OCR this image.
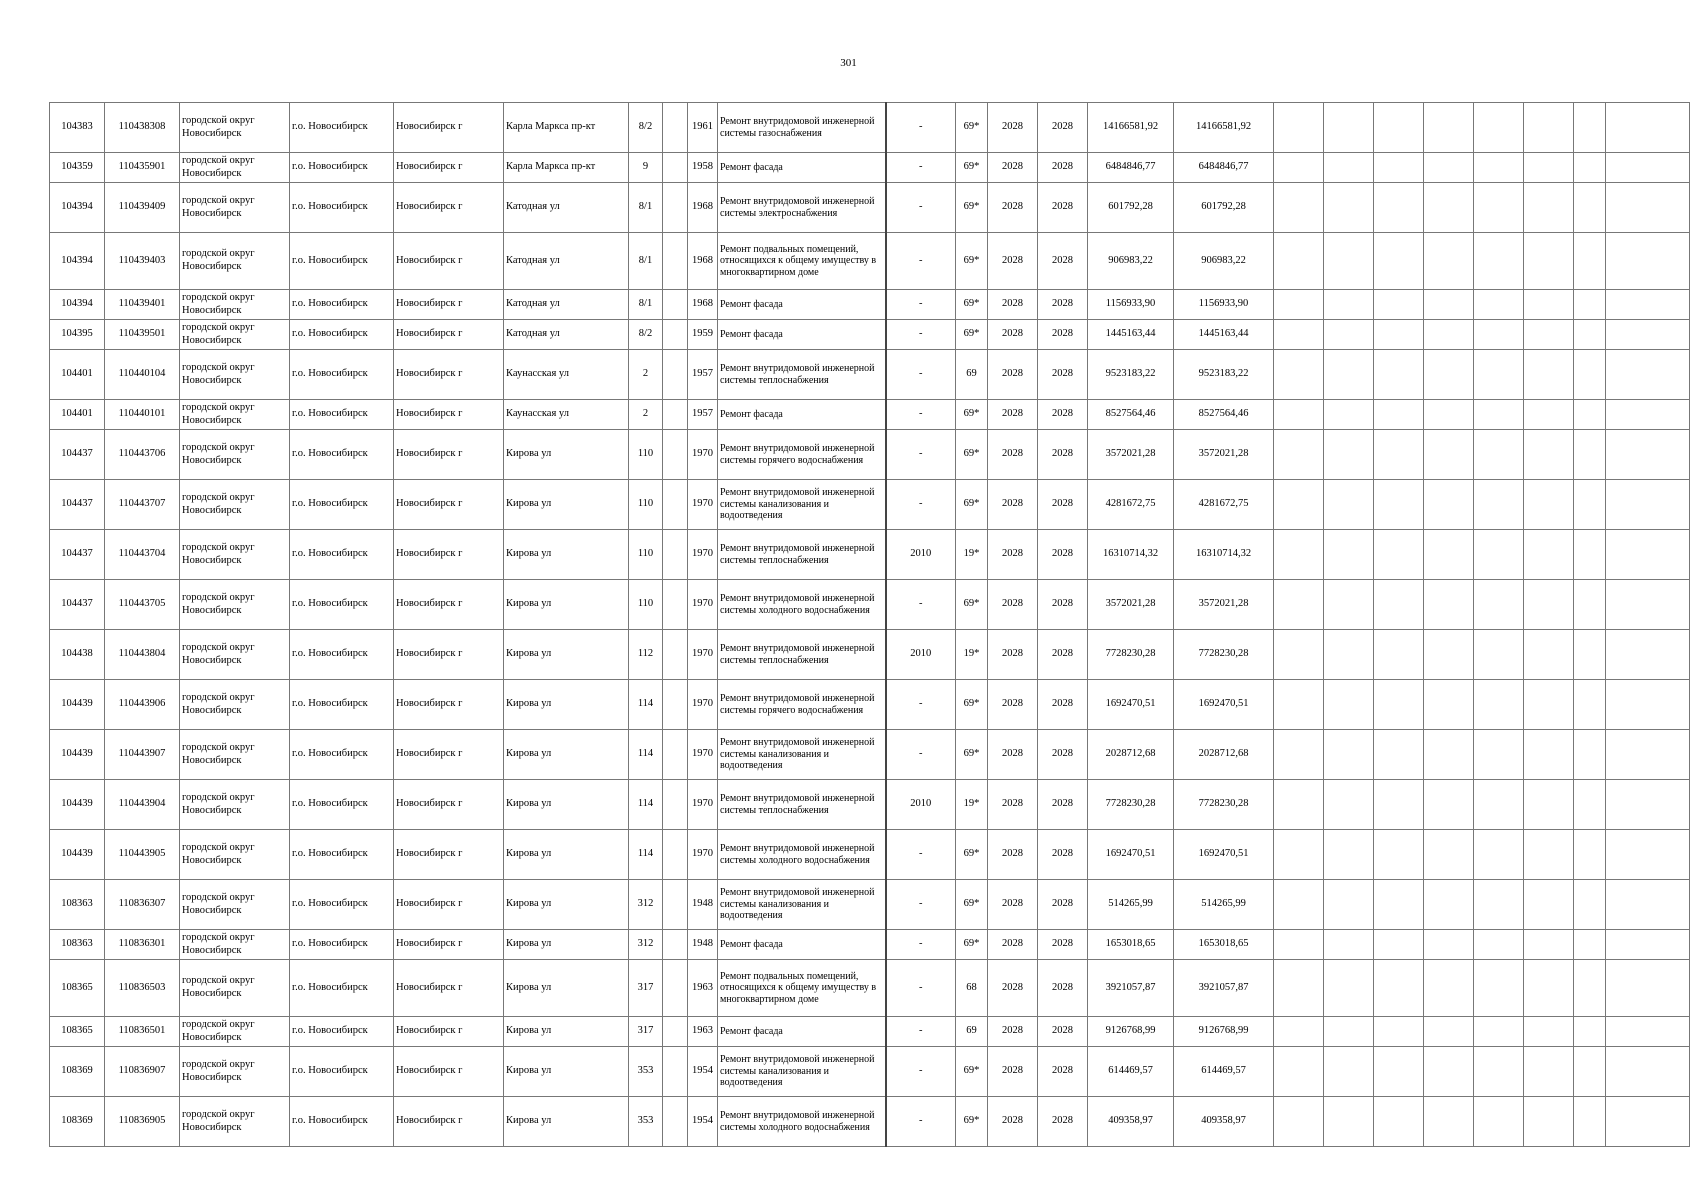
301
104383	110438308	городской округ Новосибирск	г.о. Новосибирск	Новосибирск г	Карла Маркса пр-кт	8/2		1961	Ремонт внутридомовой инженерной системы газоснабжения	-	69*	2028	2028	14166581,92	14166581,92								
104359	110435901	городской округ Новосибирск	г.о. Новосибирск	Новосибирск г	Карла Маркса пр-кт	9		1958	Ремонт фасада	-	69*	2028	2028	6484846,77	6484846,77								
104394	110439409	городской округ Новосибирск	г.о. Новосибирск	Новосибирск г	Катодная ул	8/1		1968	Ремонт внутридомовой инженерной системы электроснабжения	-	69*	2028	2028	601792,28	601792,28								
104394	110439403	городской округ Новосибирск	г.о. Новосибирск	Новосибирск г	Катодная ул	8/1		1968	Ремонт подвальных помещений, относящихся к общему имуществу в многоквартирном доме	-	69*	2028	2028	906983,22	906983,22								
104394	110439401	городской округ Новосибирск	г.о. Новосибирск	Новосибирск г	Катодная ул	8/1		1968	Ремонт фасада	-	69*	2028	2028	1156933,90	1156933,90								
104395	110439501	городской округ Новосибирск	г.о. Новосибирск	Новосибирск г	Катодная ул	8/2		1959	Ремонт фасада	-	69*	2028	2028	1445163,44	1445163,44								
104401	110440104	городской округ Новосибирск	г.о. Новосибирск	Новосибирск г	Каунасская ул	2		1957	Ремонт внутридомовой инженерной системы теплоснабжения	-	69	2028	2028	9523183,22	9523183,22								
104401	110440101	городской округ Новосибирск	г.о. Новосибирск	Новосибирск г	Каунасская ул	2		1957	Ремонт фасада	-	69*	2028	2028	8527564,46	8527564,46								
104437	110443706	городской округ Новосибирск	г.о. Новосибирск	Новосибирск г	Кирова ул	110		1970	Ремонт внутридомовой инженерной системы горячего водоснабжения	-	69*	2028	2028	3572021,28	3572021,28								
104437	110443707	городской округ Новосибирск	г.о. Новосибирск	Новосибирск г	Кирова ул	110		1970	Ремонт внутридомовой инженерной системы канализования и водоотведения	-	69*	2028	2028	4281672,75	4281672,75								
104437	110443704	городской округ Новосибирск	г.о. Новосибирск	Новосибирск г	Кирова ул	110		1970	Ремонт внутридомовой инженерной системы теплоснабжения	2010	19*	2028	2028	16310714,32	16310714,32								
104437	110443705	городской округ Новосибирск	г.о. Новосибирск	Новосибирск г	Кирова ул	110		1970	Ремонт внутридомовой инженерной системы холодного водоснабжения	-	69*	2028	2028	3572021,28	3572021,28								
104438	110443804	городской округ Новосибирск	г.о. Новосибирск	Новосибирск г	Кирова ул	112		1970	Ремонт внутридомовой инженерной системы теплоснабжения	2010	19*	2028	2028	7728230,28	7728230,28								
104439	110443906	городской округ Новосибирск	г.о. Новосибирск	Новосибирск г	Кирова ул	114		1970	Ремонт внутридомовой инженерной системы горячего водоснабжения	-	69*	2028	2028	1692470,51	1692470,51								
104439	110443907	городской округ Новосибирск	г.о. Новосибирск	Новосибирск г	Кирова ул	114		1970	Ремонт внутридомовой инженерной системы канализования и водоотведения	-	69*	2028	2028	2028712,68	2028712,68								
104439	110443904	городской округ Новосибирск	г.о. Новосибирск	Новосибирск г	Кирова ул	114		1970	Ремонт внутридомовой инженерной системы теплоснабжения	2010	19*	2028	2028	7728230,28	7728230,28								
104439	110443905	городской округ Новосибирск	г.о. Новосибирск	Новосибирск г	Кирова ул	114		1970	Ремонт внутридомовой инженерной системы холодного водоснабжения	-	69*	2028	2028	1692470,51	1692470,51								
108363	110836307	городской округ Новосибирск	г.о. Новосибирск	Новосибирск г	Кирова ул	312		1948	Ремонт внутридомовой инженерной системы канализования и водоотведения	-	69*	2028	2028	514265,99	514265,99								
108363	110836301	городской округ Новосибирск	г.о. Новосибирск	Новосибирск г	Кирова ул	312		1948	Ремонт фасада	-	69*	2028	2028	1653018,65	1653018,65								
108365	110836503	городской округ Новосибирск	г.о. Новосибирск	Новосибирск г	Кирова ул	317		1963	Ремонт подвальных помещений, относящихся к общему имуществу в многоквартирном доме	-	68	2028	2028	3921057,87	3921057,87								
108365	110836501	городской округ Новосибирск	г.о. Новосибирск	Новосибирск г	Кирова ул	317		1963	Ремонт фасада	-	69	2028	2028	9126768,99	9126768,99								
108369	110836907	городской округ Новосибирск	г.о. Новосибирск	Новосибирск г	Кирова ул	353		1954	Ремонт внутридомовой инженерной системы канализования и водоотведения	-	69*	2028	2028	614469,57	614469,57								
108369	110836905	городской округ Новосибирск	г.о. Новосибирск	Новосибирск г	Кирова ул	353		1954	Ремонт внутридомовой инженерной системы холодного водоснабжения	-	69*	2028	2028	409358,97	409358,97								
